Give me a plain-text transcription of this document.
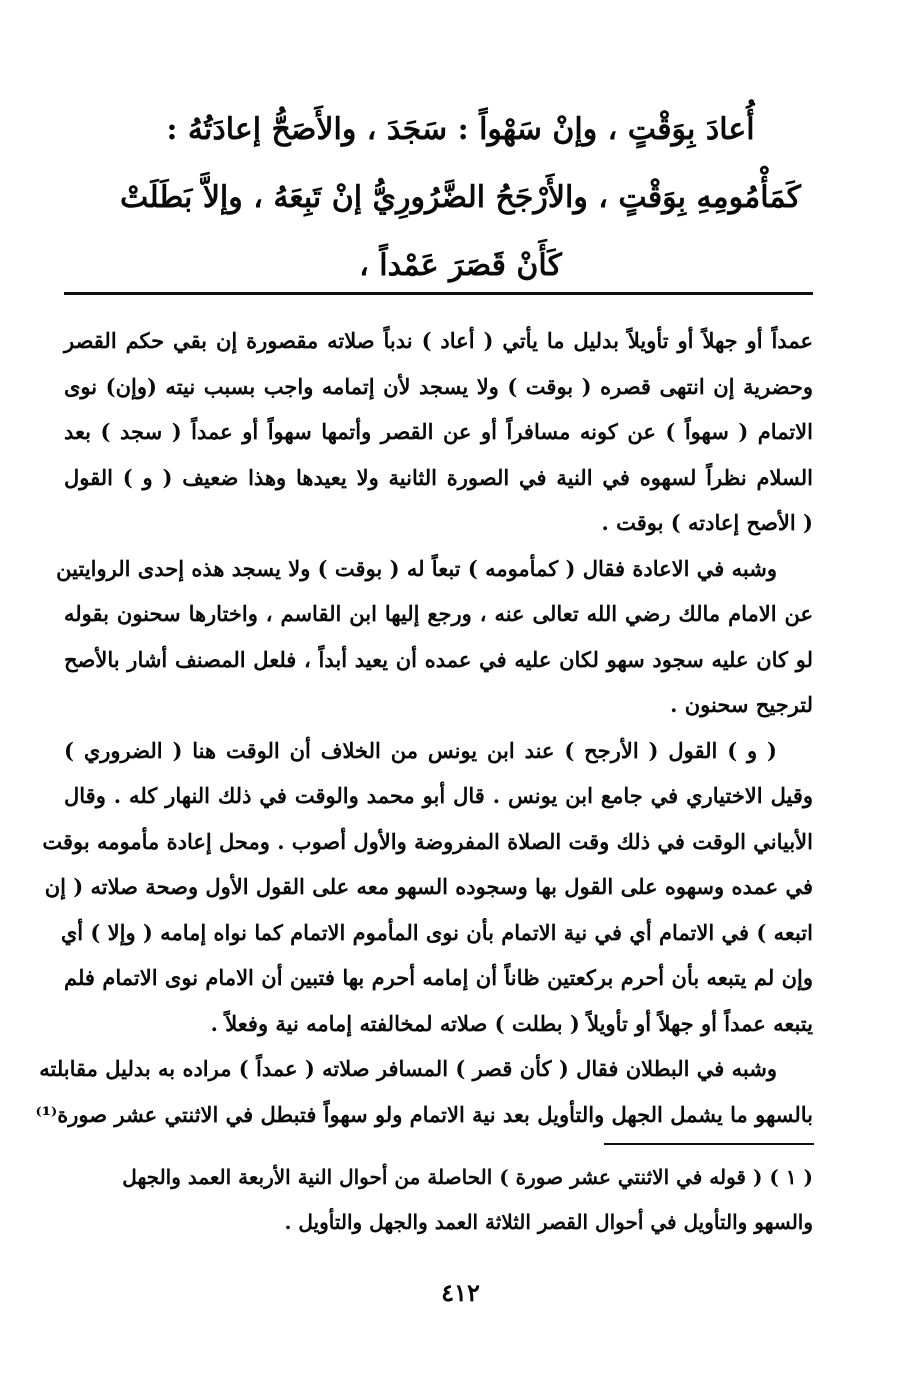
أُعادَ بِوَقْتٍ ، وإنْ سَهْواً : سَجَدَ ، والأَصَحُّ إعادَتُهُ :
كَمَأْمُومِهِ بِوَقْتٍ ، والأَرْجَحُ الضَّرُورِيُّ إنْ تَبِعَهُ ، وإلاَّ بَطَلَتْ
كَأَنْ قَصَرَ عَمْداً ،

عمداً أو جهلاً أو تأويلاً بدليل ما يأتي ( أعاد ) ندباً صلاته مقصورة إن بقي حكم القصر
وحضرية إن انتهى قصره ( بوقت ) ولا يسجد لأن إتمامه واجب بسبب نيته (وإن) نوى
الاتمام ( سهواً ) عن كونه مسافراً أو عن القصر وأتمها سهواً أو عمداً ( سجد ) بعد
السلام نظراً لسهوه في النية في الصورة الثانية ولا يعيدها وهذا ضعيف ( و ) القول
( الأصح إعادته ) بوقت .

وشبه في الاعادة فقال ( كمأمومه ) تبعاً له ( بوقت ) ولا يسجد هذه إحدى الروايتين
عن الامام مالك رضي الله تعالى عنه ، ورجع إليها ابن القاسم ، واختارها سحنون بقوله
لو كان عليه سجود سهو لكان عليه في عمده أن يعيد أبداً ، فلعل المصنف أشار بالأصح
لترجيح سحنون .

( و ) القول ( الأرجح ) عند ابن يونس من الخلاف أن الوقت هنا ( الضروري )
وقيل الاختياري في جامع ابن يونس . قال أبو محمد والوقت في ذلك النهار كله . وقال
الأبياني الوقت في ذلك وقت الصلاة المفروضة والأول أصوب . ومحل إعادة مأمومه بوقت
في عمده وسهوه على القول بها وسجوده السهو معه على القول الأول وصحة صلاته ( إن
اتبعه ) في الاتمام أي في نية الاتمام بأن نوى المأموم الاتمام كما نواه إمامه ( وإلا ) أي
وإن لم يتبعه بأن أحرم بركعتين ظاناً أن إمامه أحرم بها فتبين أن الامام نوى الاتمام فلم
يتبعه عمداً أو جهلاً أو تأويلاً ( بطلت ) صلاته لمخالفته إمامه نية وفعلاً .

وشبه في البطلان فقال ( كأن قصر ) المسافر صلاته ( عمداً ) مراده به بدليل مقابلته
بالسهو ما يشمل الجهل والتأويل بعد نية الاتمام ولو سهواً فتبطل في الاثنتي عشر صورة⁽¹⁾

( ١ ) ( قوله في الاثنتي عشر صورة ) الحاصلة من أحوال النية الأربعة العمد والجهل
والسهو والتأويل في أحوال القصر الثلاثة العمد والجهل والتأويل .
٤١٢
